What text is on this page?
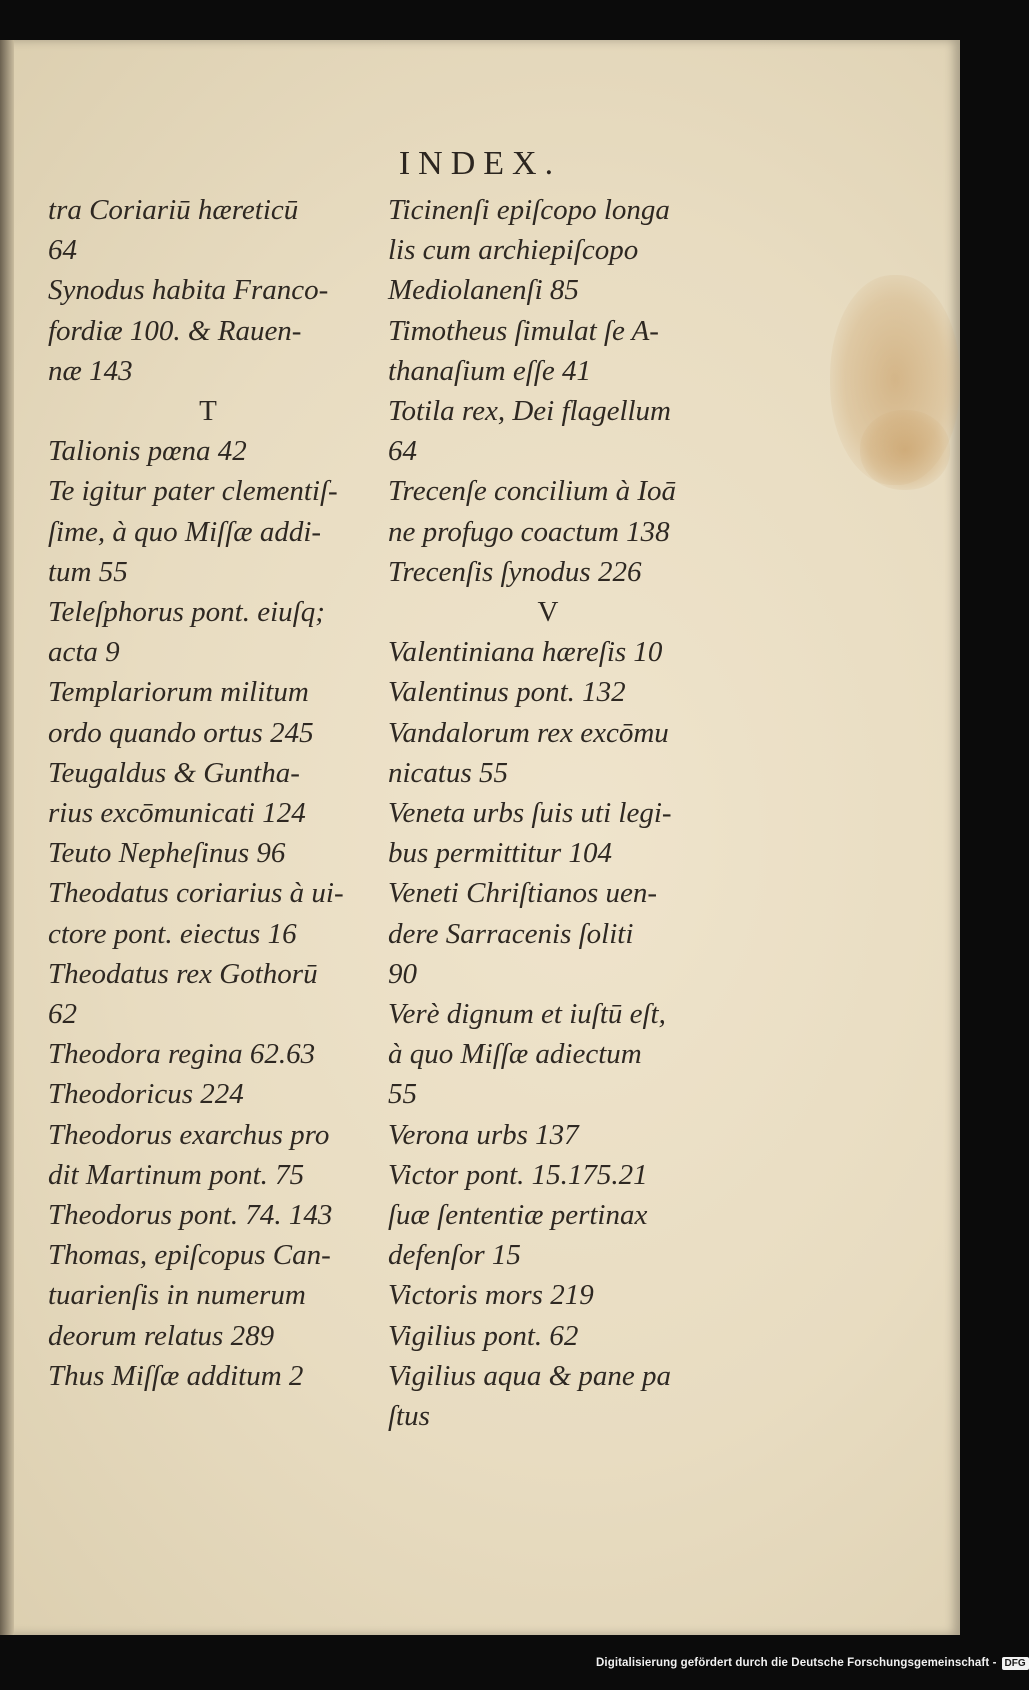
INDEX.
tra Coriariū hæreticū
64
Synodus habita Franco-
fordiæ 100. & Rauen-
næ 143
T
Talionis pœna 42
Te igitur pater clementiſ-
ſime, à quo Miſſæ addi-
tum 55
Teleſphorus pont. eiuſq;
acta 9
Templariorum militum
ordo quando ortus 245
Teugaldus & Guntha-
rius excōmunicati 124
Teuto Nepheſinus 96
Theodatus coriarius à ui-
ctore pont. eiectus 16
Theodatus rex Gothorū
62
Theodora regina 62.63
Theodoricus 224
Theodorus exarchus pro
dit Martinum pont. 75
Theodorus pont. 74. 143
Thomas, epiſcopus Can-
tuarienſis in numerum
deorum relatus 289
Thus Miſſæ additum 2
Ticinenſi epiſcopo longa
lis cum archiepiſcopo
Mediolanenſi 85
Timotheus ſimulat ſe A-
thanaſium eſſe 41
Totila rex, Dei flagellum
64
Trecenſe concilium à Ioā
ne profugo coactum 138
Trecenſis ſynodus 226
V
Valentiniana hæreſis 10
Valentinus pont. 132
Vandalorum rex excōmu
nicatus 55
Veneta urbs ſuis uti legi-
bus permittitur 104
Veneti Chriſtianos uen-
dere Sarracenis ſoliti
90
Verè dignum et iuſtū eſt,
à quo Miſſæ adiectum
55
Verona urbs 137
Victor pont. 15.175.21
ſuæ ſententiæ pertinax
defenſor 15
Victoris mors 219
Vigilius pont. 62
Vigilius aqua & pane pa
ſtus
Digitalisierung gefördert durch die Deutsche Forschungsgemeinschaft - DFG
